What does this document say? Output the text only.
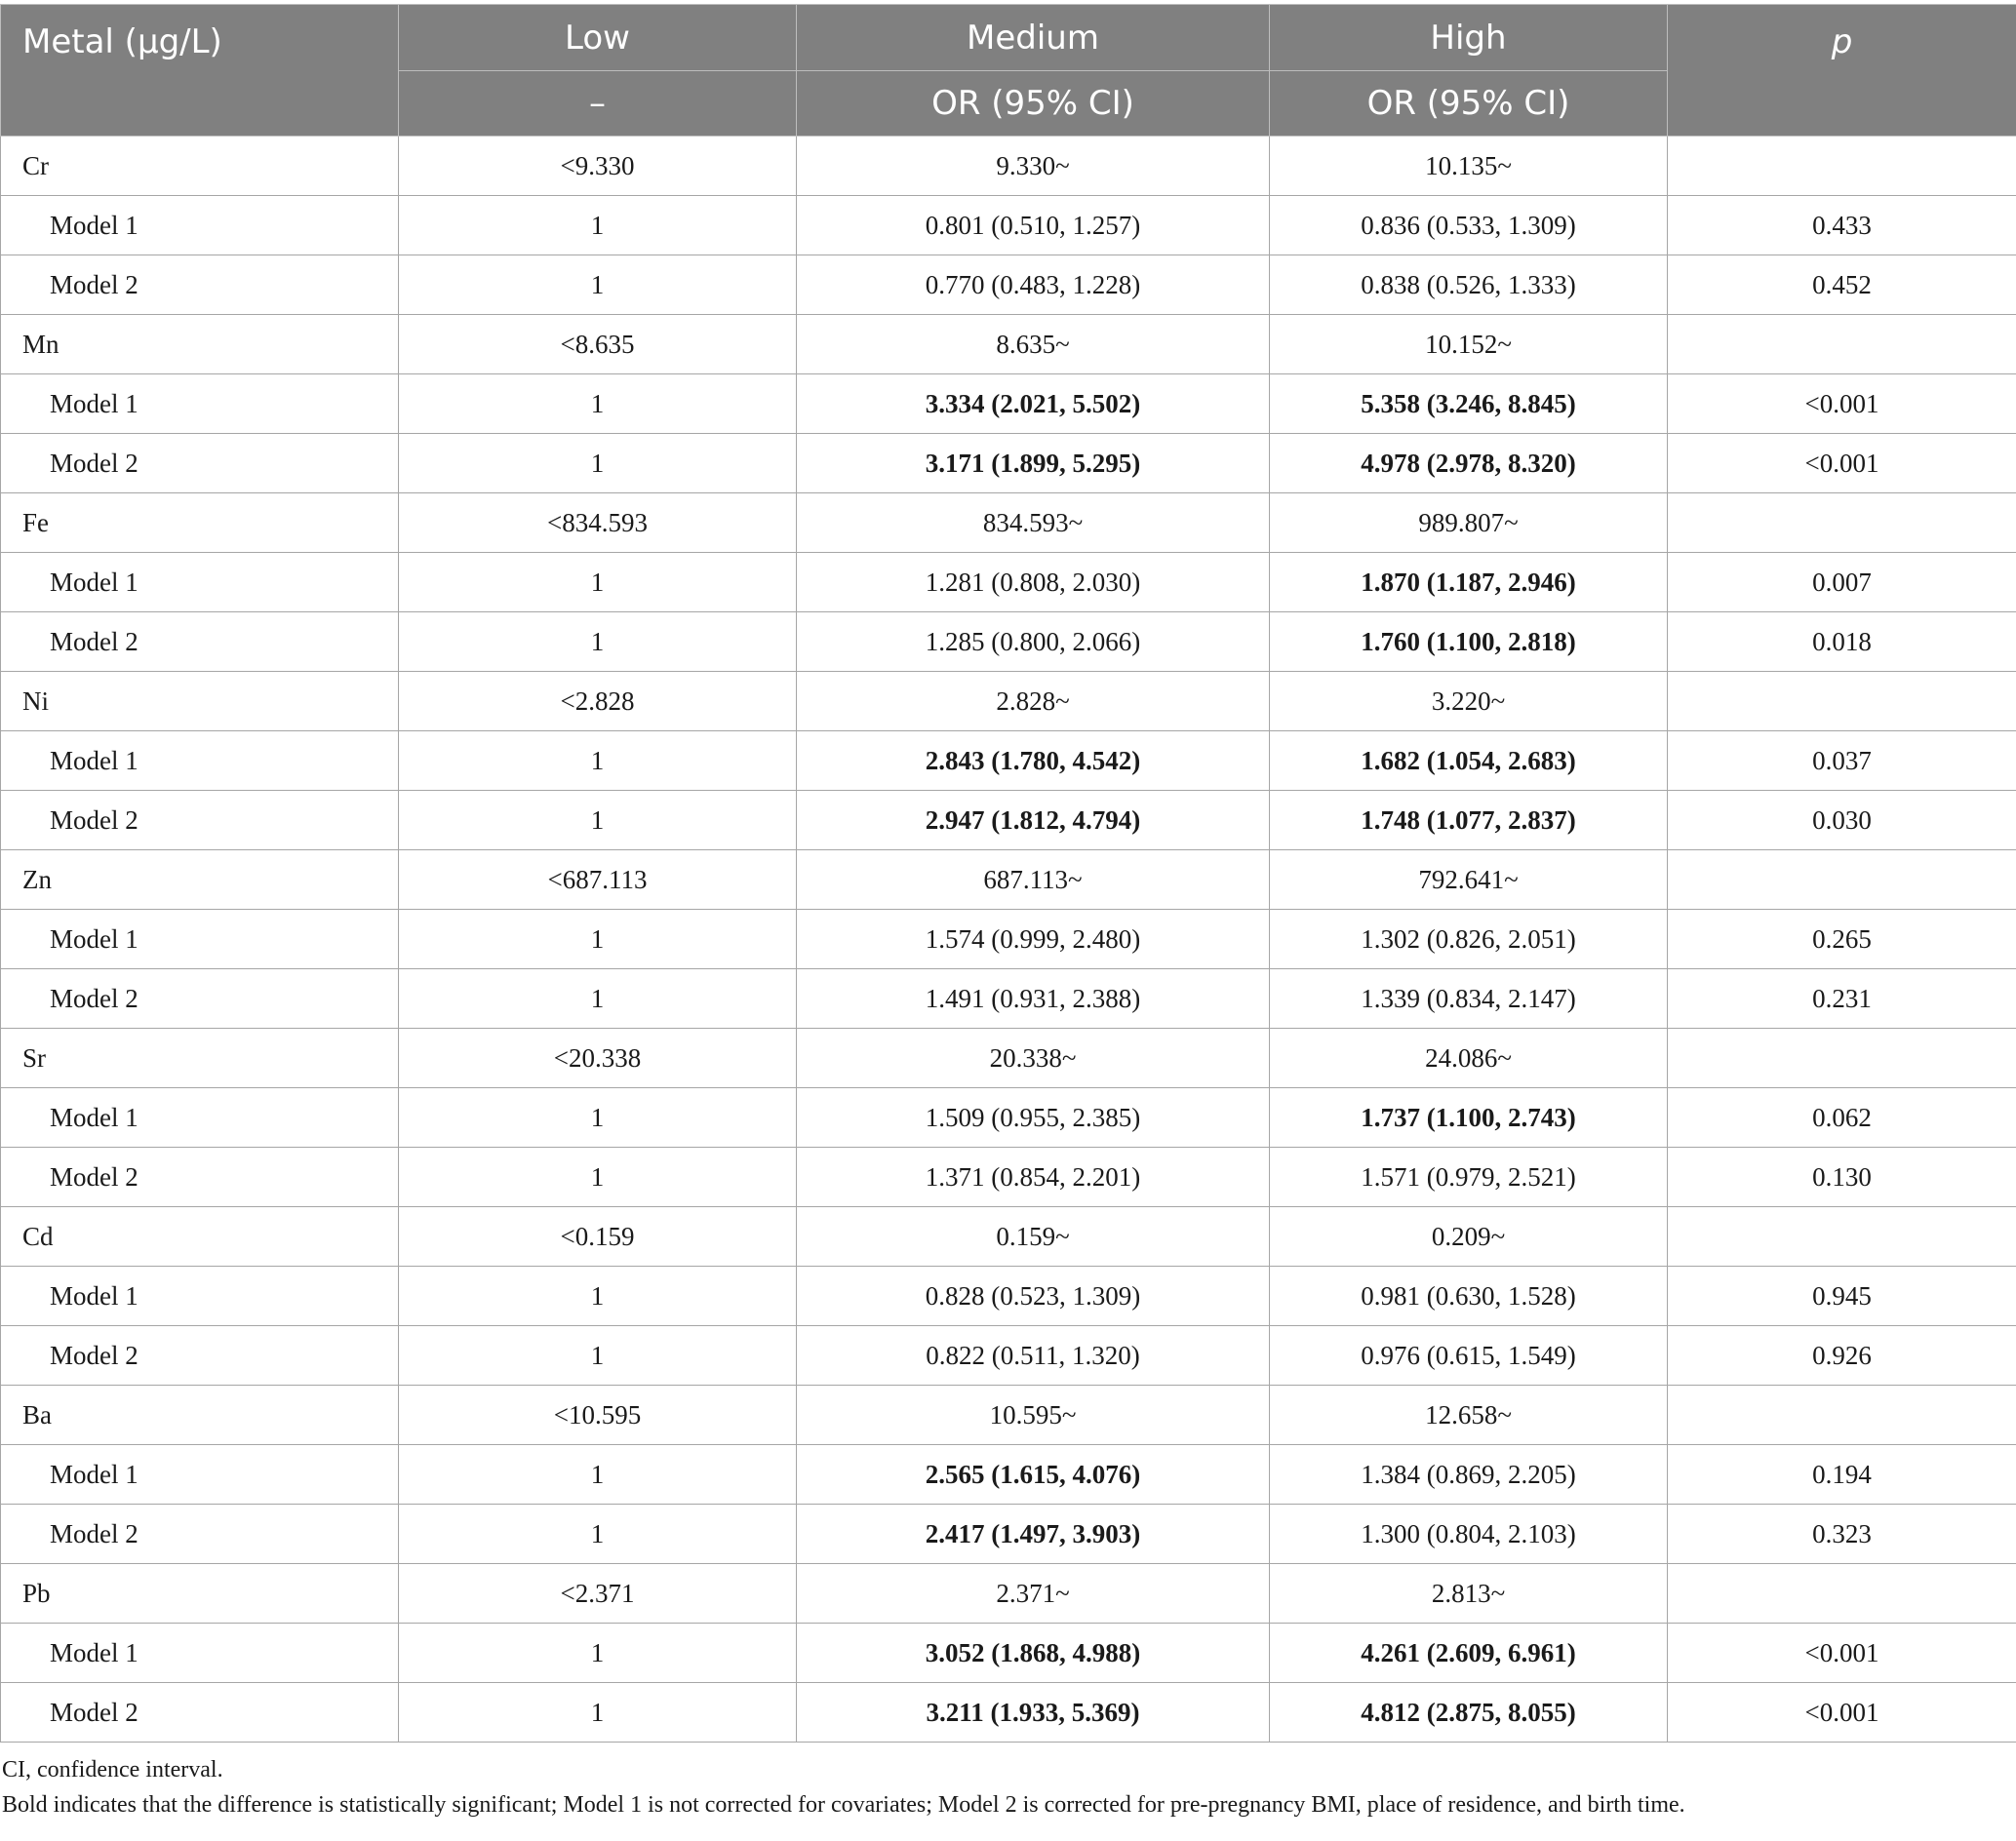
Metal (μg/L)	Low	Medium	High	p
	–	OR (95% CI)	OR (95% CI)	
Cr	<9.330	9.330~	10.135~	
Model 1	1	0.801 (0.510, 1.257)	0.836 (0.533, 1.309)	0.433
Model 2	1	0.770 (0.483, 1.228)	0.838 (0.526, 1.333)	0.452
Mn	<8.635	8.635~	10.152~	
Model 1	1	3.334 (2.021, 5.502)	5.358 (3.246, 8.845)	<0.001
Model 2	1	3.171 (1.899, 5.295)	4.978 (2.978, 8.320)	<0.001
Fe	<834.593	834.593~	989.807~	
Model 1	1	1.281 (0.808, 2.030)	1.870 (1.187, 2.946)	0.007
Model 2	1	1.285 (0.800, 2.066)	1.760 (1.100, 2.818)	0.018
Ni	<2.828	2.828~	3.220~	
Model 1	1	2.843 (1.780, 4.542)	1.682 (1.054, 2.683)	0.037
Model 2	1	2.947 (1.812, 4.794)	1.748 (1.077, 2.837)	0.030
Zn	<687.113	687.113~	792.641~	
Model 1	1	1.574 (0.999, 2.480)	1.302 (0.826, 2.051)	0.265
Model 2	1	1.491 (0.931, 2.388)	1.339 (0.834, 2.147)	0.231
Sr	<20.338	20.338~	24.086~	
Model 1	1	1.509 (0.955, 2.385)	1.737 (1.100, 2.743)	0.062
Model 2	1	1.371 (0.854, 2.201)	1.571 (0.979, 2.521)	0.130
Cd	<0.159	0.159~	0.209~	
Model 1	1	0.828 (0.523, 1.309)	0.981 (0.630, 1.528)	0.945
Model 2	1	0.822 (0.511, 1.320)	0.976 (0.615, 1.549)	0.926
Ba	<10.595	10.595~	12.658~	
Model 1	1	2.565 (1.615, 4.076)	1.384 (0.869, 2.205)	0.194
Model 2	1	2.417 (1.497, 3.903)	1.300 (0.804, 2.103)	0.323
Pb	<2.371	2.371~	2.813~	
Model 1	1	3.052 (1.868, 4.988)	4.261 (2.609, 6.961)	<0.001
Model 2	1	3.211 (1.933, 5.369)	4.812 (2.875, 8.055)	<0.001

CI, confidence interval.

Bold indicates that the difference is statistically significant; Model 1 is not corrected for covariates; Model 2 is corrected for pre-pregnancy BMI, place of residence, and birth time.
